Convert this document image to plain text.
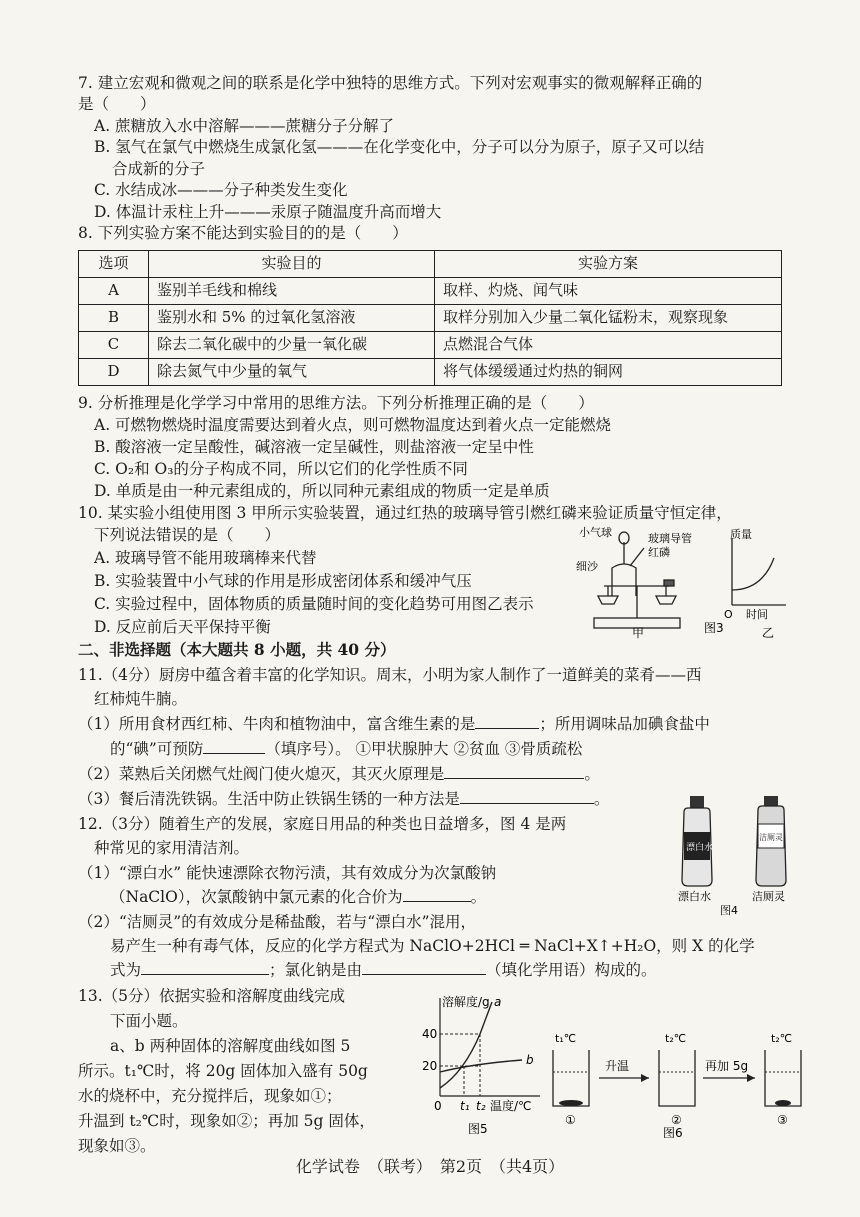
7. 建立宏观和微观之间的联系是化学中独特的思维方式。下列对宏观事实的微观解释正确的
是（　　）
A. 蔗糖放入水中溶解———蔗糖分子分解了
B. 氢气在氯气中燃烧生成氯化氢———在化学变化中，分子可以分为原子，原子又可以结
合成新的分子
C. 水结成冰———分子种类发生变化
D. 体温计汞柱上升———汞原子随温度升高而增大
8. 下列实验方案不能达到实验目的的是（　　）
选项	实验目的	实验方案
A	鉴别羊毛线和棉线	取样、灼烧、闻气味
B	鉴别水和 5% 的过氧化氢溶液	取样分别加入少量二氧化锰粉末，观察现象
C	除去二氧化碳中的少量一氧化碳	点燃混合气体
D	除去氮气中少量的氧气	将气体缓缓通过灼热的铜网
9. 分析推理是化学学习中常用的思维方法。下列分析推理正确的是（　　）
A. 可燃物燃烧时温度需要达到着火点，则可燃物温度达到着火点一定能燃烧
B. 酸溶液一定呈酸性，碱溶液一定呈碱性，则盐溶液一定呈中性
C. O₂和 O₃的分子构成不同，所以它们的化学性质不同
D. 单质是由一种元素组成的，所以同种元素组成的物质一定是单质
10. 某实验小组使用图 3 甲所示实验装置，通过红热的玻璃导管引燃红磷来验证质量守恒定律，
下列说法错误的是（　　）
A. 玻璃导管不能用玻璃棒来代替
B. 实验装置中小气球的作用是形成密闭体系和缓冲气压
C. 实验过程中，固体物质的质量随时间的变化趋势可用图乙表示
D. 反应前后天平保持平衡
小气球	玻璃导管
红磷
细沙
甲
质量
O 时间
图3	乙
二、非选择题（本大题共 8 小题，共 40 分）
11.（4分）厨房中蕴含着丰富的化学知识。周末，小明为家人制作了一道鲜美的菜肴——西
红柿炖牛腩。
（1）所用食材西红柿、牛肉和植物油中，富含维生素的是	；所用调味品加碘食盐中
的“碘”可预防	（填序号）。 ①甲状腺肿大 ②贫血 ③骨质疏松
（2）菜熟后关闭燃气灶阀门使火熄灭，其灭火原理是	。
（3）餐后清洗铁锅。生活中防止铁锅生锈的一种方法是	。
12.（3分）随着生产的发展，家庭日用品的种类也日益增多，图 4 是两
种常见的家用清洁剂。
（1）“漂白水” 能快速漂除衣物污渍，其有效成分为次氯酸钠
（NaClO），次氯酸钠中氯元素的化合价为	。
（2）“洁厕灵”的有效成分是稀盐酸，若与“漂白水”混用，
易产生一种有毒气体，反应的化学方程式为 NaClO+2HCl ═ NaCl+X↑+H₂O，则 X 的化学
式为	；氯化钠是由	（填化学用语）构成的。
漂白水
洁厕灵
漂白水	洁厕灵
图4
13.（5分）依据实验和溶解度曲线完成
下面小题。
a、b 两种固体的溶解度曲线如图 5
所示。t₁℃时，将 20g 固体加入盛有 50g
水的烧杯中，充分搅拌后，现象如①；
升温到 t₂℃时，现象如②；再加 5g 固体，
现象如③。
溶解度/g
40
20
0 t₁ t₂ 温度/℃
a
b
图5
t₁℃
①
升温
t₂℃
②
再加 5g
t₂℃
③
图6
化学试卷　（联考）　第2页　（共4页）
